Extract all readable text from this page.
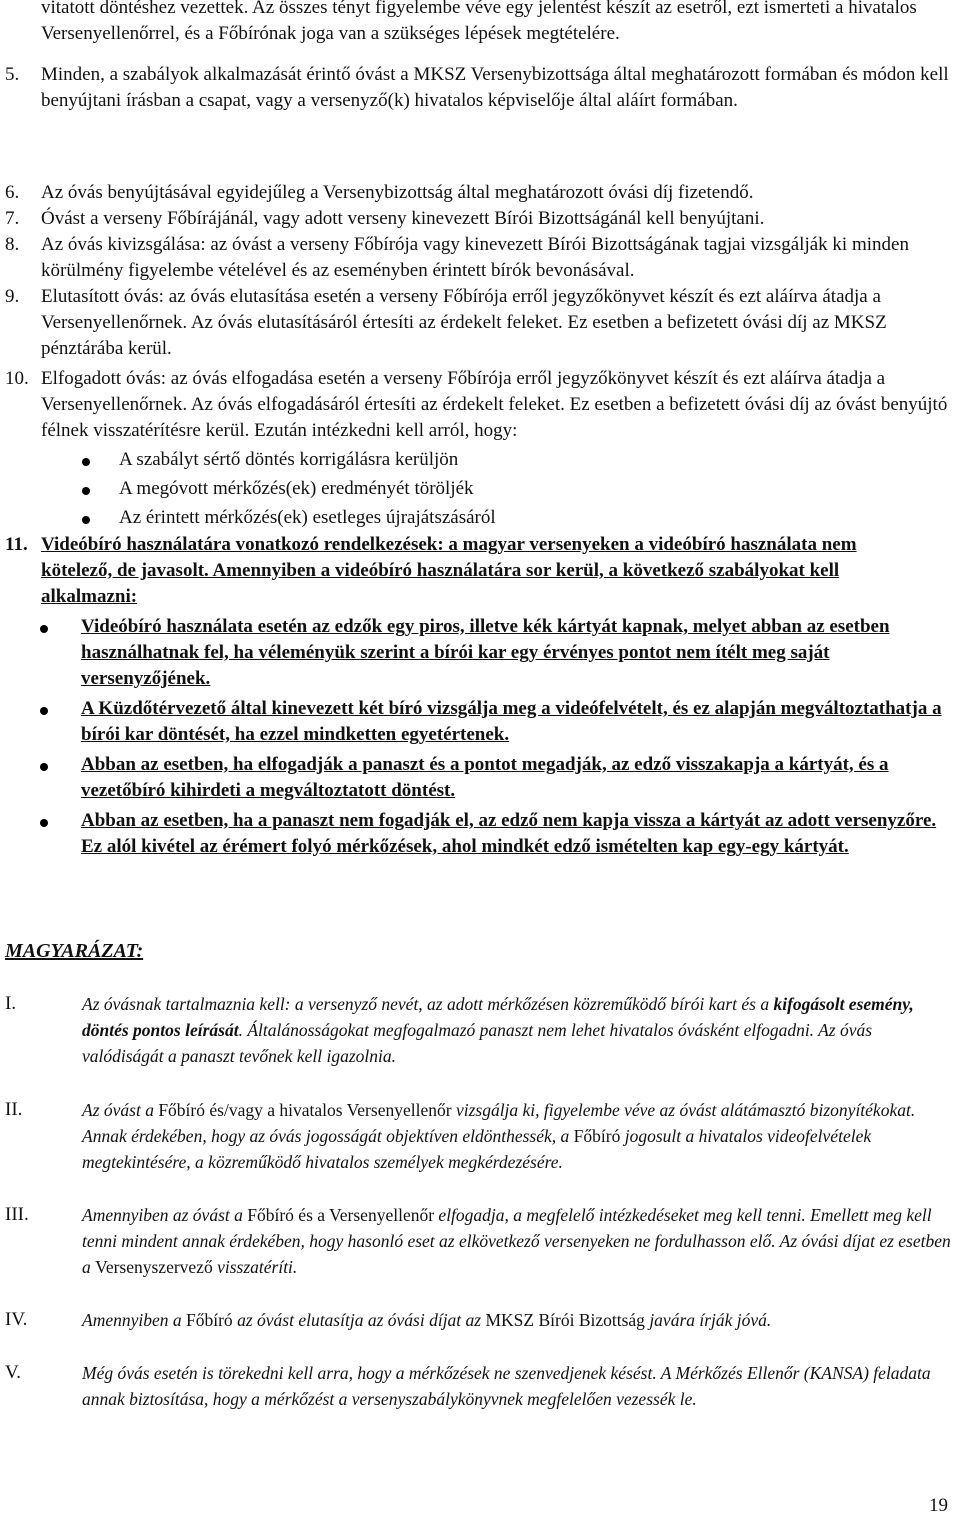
vitatott döntéshez vezettek. Az összes tényt figyelembe véve egy jelentést készít az esetről, ezt ismerteti a hivatalos Versenyellenőrrel, és a Főbírónak joga van a szükséges lépések megtételére.
5. Minden, a szabályok alkalmazását érintő óvást a MKSZ Versenybizottsága által meghatározott formában és módon kell benyújtani írásban a csapat, vagy a versenyző(k) hivatalos képviselője által aláírt formában.
6. Az óvás benyújtásával egyidejűleg a Versenybizottság által meghatározott óvási díj fizetendő.
7. Óvást a verseny Főbírájánál, vagy adott verseny kinevezett Bírói Bizottságánál kell benyújtani.
8. Az óvás kivizsgálása: az óvást a verseny Főbírója vagy kinevezett Bírói Bizottságának tagjai vizsgálják ki minden körülmény figyelembe vételével és az eseményben érintett bírók bevonásával.
9. Elutasított óvás: az óvás elutasítása esetén a verseny Főbírója erről jegyzőkönyvet készít és ezt aláírva átadja a Versenyellenőrnek. Az óvás elutasításáról értesíti az érdekelt feleket. Ez esetben a befizetett óvási díj az MKSZ pénztárába kerül.
10. Elfogadott óvás: az óvás elfogadása esetén a verseny Főbírója erről jegyzőkönyvet készít és ezt aláírva átadja a Versenyellenőrnek. Az óvás elfogadásáról értesíti az érdekelt feleket. Ez esetben a befizetett óvási díj az óvást benyújtó félnek visszatérítésre kerül. Ezután intézkedni kell arról, hogy:
A szabályt sértő döntés korrigálásra kerüljön
A megóvott mérkőzés(ek) eredményét töröljék
Az érintett mérkőzés(ek) esetleges újrajátszásáról
11. Videóbíró használatára vonatkozó rendelkezések: a magyar versenyeken a videóbíró használata nem kötelező, de javasolt. Amennyiben a videóbíró használatára sor kerül, a következő szabályokat kell alkalmazni:
Videóbíró használata esetén az edzők egy piros, illetve kék kártyát kapnak, melyet abban az esetben használhatnak fel, ha véleményük szerint a bírói kar egy érvényes pontot nem ítélt meg saját versenyzőjének.
A Küzdőtérvezető által kinevezett két bíró vizsgálja meg a videófelvételt, és ez alapján megváltoztathatja a bírói kar döntését, ha ezzel mindketten egyetértenek.
Abban az esetben, ha elfogadják a panaszt és a pontot megadják, az edző visszakapja a kártyát, és a vezetőbíró kihirdeti a megváltoztatott döntést.
Abban az esetben, ha a panaszt nem fogadják el, az edző nem kapja vissza a kártyát az adott versenyzőre. Ez alól kivétel az érémert folyó mérkőzések, ahol mindkét edző ismételten kap egy-egy kártyát.
MAGYARÁZAT:
I.	Az óvásnak tartalmaznia kell: a versenyző nevét, az adott mérkőzésen közreműködő bírói kart és a kifogásolt esemény, döntés pontos leírását. Általánosságokat megfogalmazó panaszt nem lehet hivatalos óvásként elfogadni. Az óvás valódiságát a panaszt tevőnek kell igazolnia.
II.	Az óvást a Főbíró és/vagy a hivatalos Versenyellenőr vizsgálja ki, figyelembe véve az óvást alátámasztó bizonyítékokat. Annak érdekében, hogy az óvás jogosságát objektíven eldönthessék, a Főbíró jogosult a hivatalos videofelvételek megtekintésére, a közreműködő hivatalos személyek megkérdezésére.
III.	Amennyiben az óvást a Főbíró és a Versenyellenőr elfogadja, a megfelelő intézkedéseket meg kell tenni. Emellett meg kell tenni mindent annak érdekében, hogy hasonló eset az elkövetkező versenyeken ne fordulhasson elő. Az óvási díjat ez esetben a Versenyszervező visszatéríti.
IV.	Amennyiben a Főbíró az óvást elutasítja az óvási díjat az MKSZ Bírói Bizottság javára írják jóvá.
V.	Még óvás esetén is törekedni kell arra, hogy a mérkőzések ne szenvedjenek késést. A Mérkőzés Ellenőr (KANSA) feladata annak biztosítása, hogy a mérkőzést a versenyszabálykönyvnek megfelelően vezessék le.
19
